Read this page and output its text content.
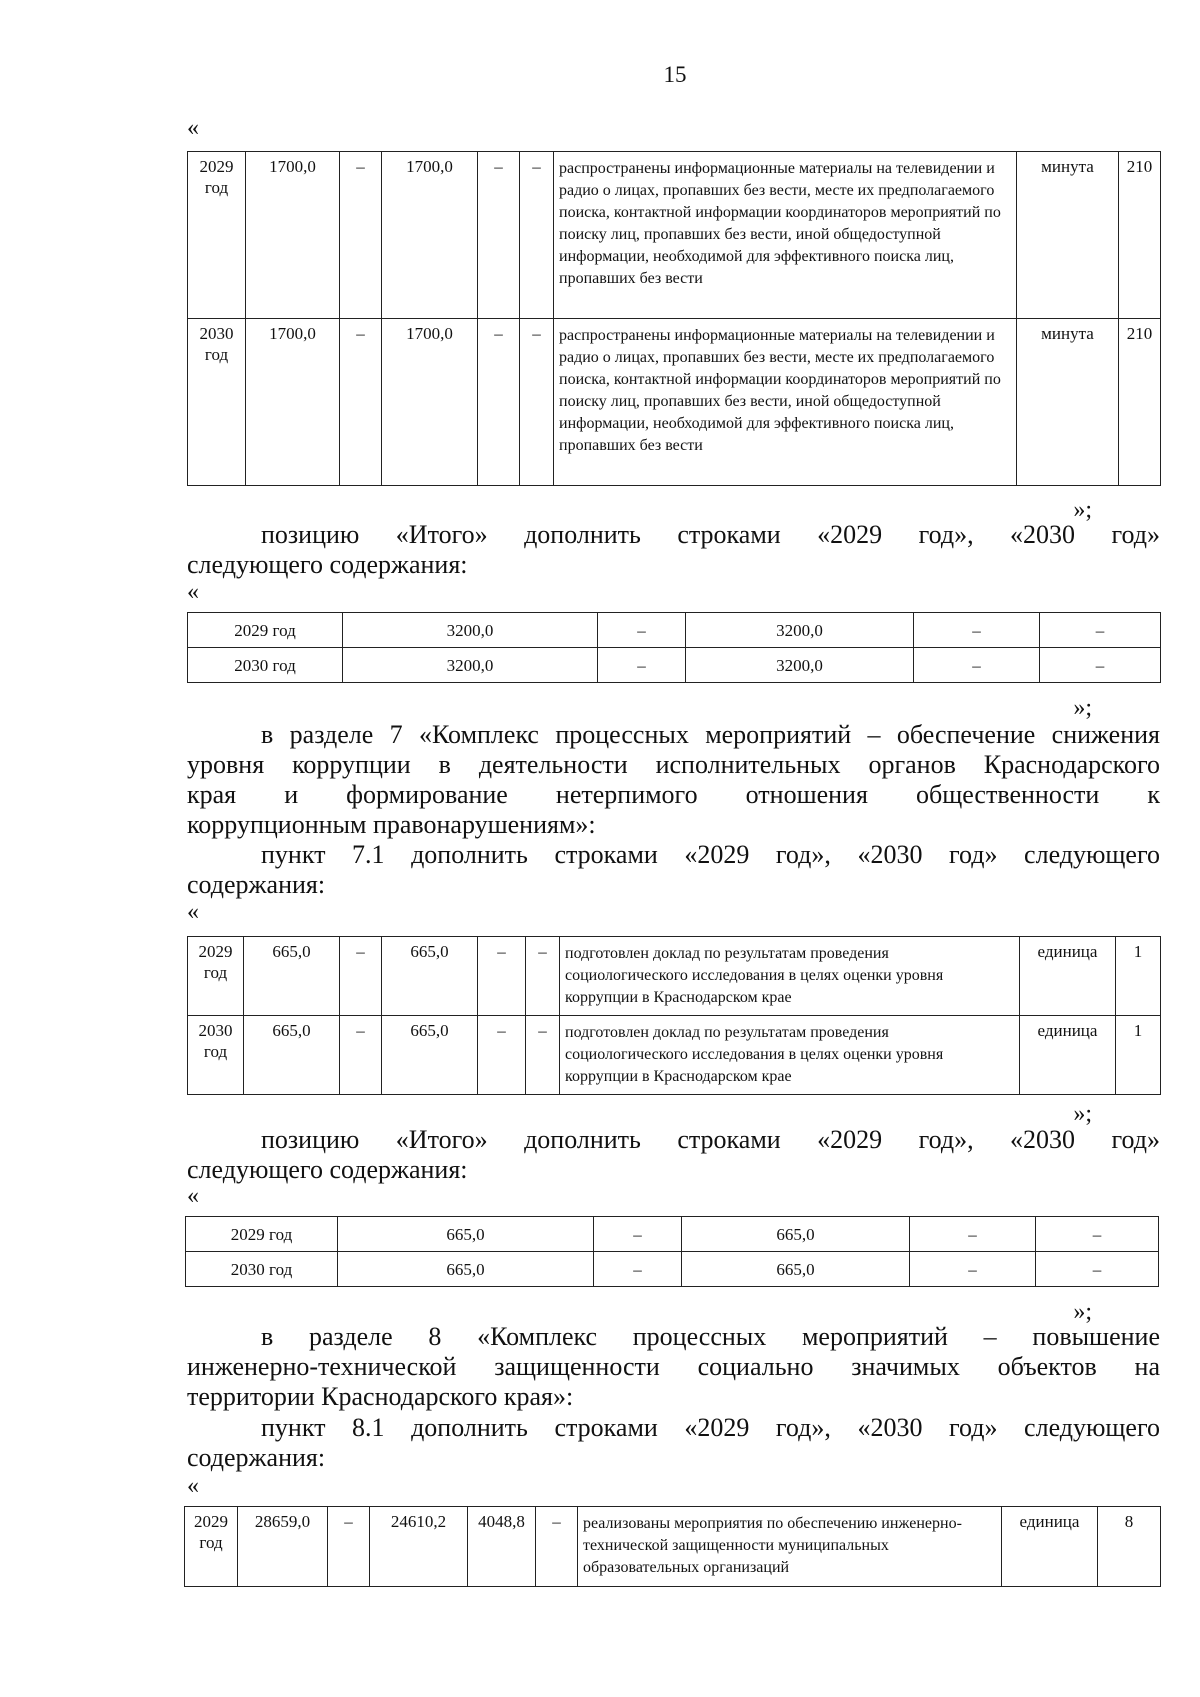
15
«
2029 год	1700,0	–	1700,0	–	–	распространены информационные материалы на телевидении и радио о лицах, пропавших без вести, месте их предполагаемого поиска, контактной информации координаторов мероприятий по поиску лиц, пропавших без вести, иной общедоступной информации, необходимой для эффективного поиска лиц, пропавших без вести	минута	210
2030 год	1700,0	–	1700,0	–	–	распространены информационные материалы на телевидении и радио о лицах, пропавших без вести, месте их предполагаемого поиска, контактной информации координаторов мероприятий по поиску лиц, пропавших без вести, иной общедоступной информации, необходимой для эффективного поиска лиц, пропавших без вести	минута	210
»;
позицию «Итого» дополнить строками «2029 год», «2030 год»
следующего содержания:
«
2029 год	3200,0	–	3200,0	–	–
2030 год	3200,0	–	3200,0	–	–
»;
в разделе 7 «Комплекс процессных мероприятий – обеспечение снижения
уровня коррупции в деятельности исполнительных органов Краснодарского
края и формирование нетерпимого отношения общественности к
коррупционным правонарушениям»:
пункт 7.1 дополнить строками «2029 год», «2030 год» следующего
содержания:
«
2029 год	665,0	–	665,0	–	–	подготовлен доклад по результатам проведения социологического исследования в целях оценки уровня коррупции в Краснодарском крае	единица	1
2030 год	665,0	–	665,0	–	–	подготовлен доклад по результатам проведения социологического исследования в целях оценки уровня коррупции в Краснодарском крае	единица	1
»;
позицию «Итого» дополнить строками «2029 год», «2030 год»
следующего содержания:
«
2029 год	665,0	–	665,0	–	–
2030 год	665,0	–	665,0	–	–
»;
в разделе 8 «Комплекс процессных мероприятий – повышение
инженерно-технической защищенности социально значимых объектов на
территории Краснодарского края»:
пункт 8.1 дополнить строками «2029 год», «2030 год» следующего
содержания:
«
2029 год	28659,0	–	24610,2	4048,8	–	реализованы мероприятия по обеспечению инженерно-технической защищенности муниципальных образовательных организаций	единица	8
